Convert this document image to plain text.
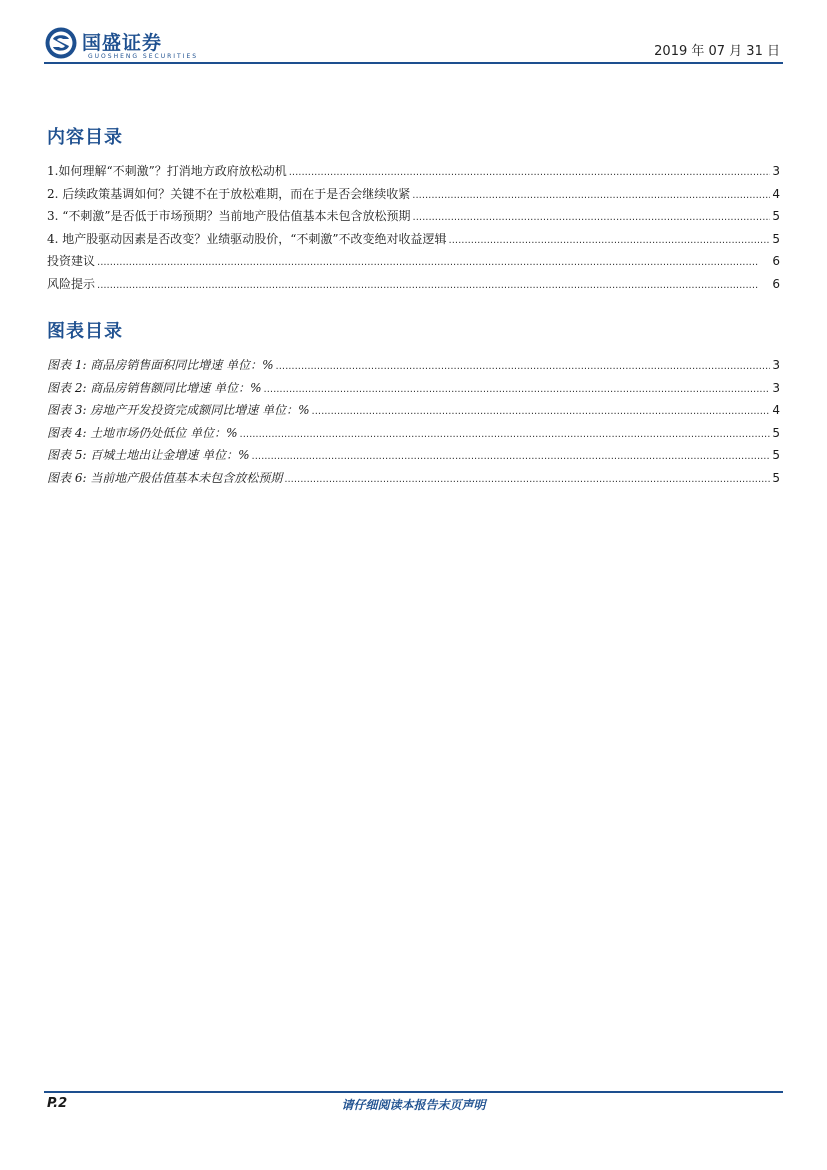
国盛证券
GUOSHENG SECURITIES	2019 年 07 月 31 日
内容目录
1.如何理解“不刺激”？打消地方政府放松动机 .....	3
2. 后续政策基调如何？关键不在于放松难期，而在于是否会继续收紧 .....	4
3. “不刺激”是否低于市场预期？当前地产股估值基本未包含放松预期 .....	5
4. 地产股驱动因素是否改变？业绩驱动股价，“不刺激”不改变绝对收益逻辑 .....	5
投资建议 .....	6
风险提示 .....	6
图表目录
图表 1: 商品房销售面积同比增速 单位：% .....	3
图表 2: 商品房销售额同比增速 单位：% .....	3
图表 3: 房地产开发投资完成额同比增速 单位：% .....	4
图表 4: 土地市场仍处低位 单位：% .....	5
图表 5: 百城土地出让金增速 单位：% .....	5
图表 6: 当前地产股估值基本未包含放松预期 .....	5
P.2	请仔细阅读本报告末页声明
